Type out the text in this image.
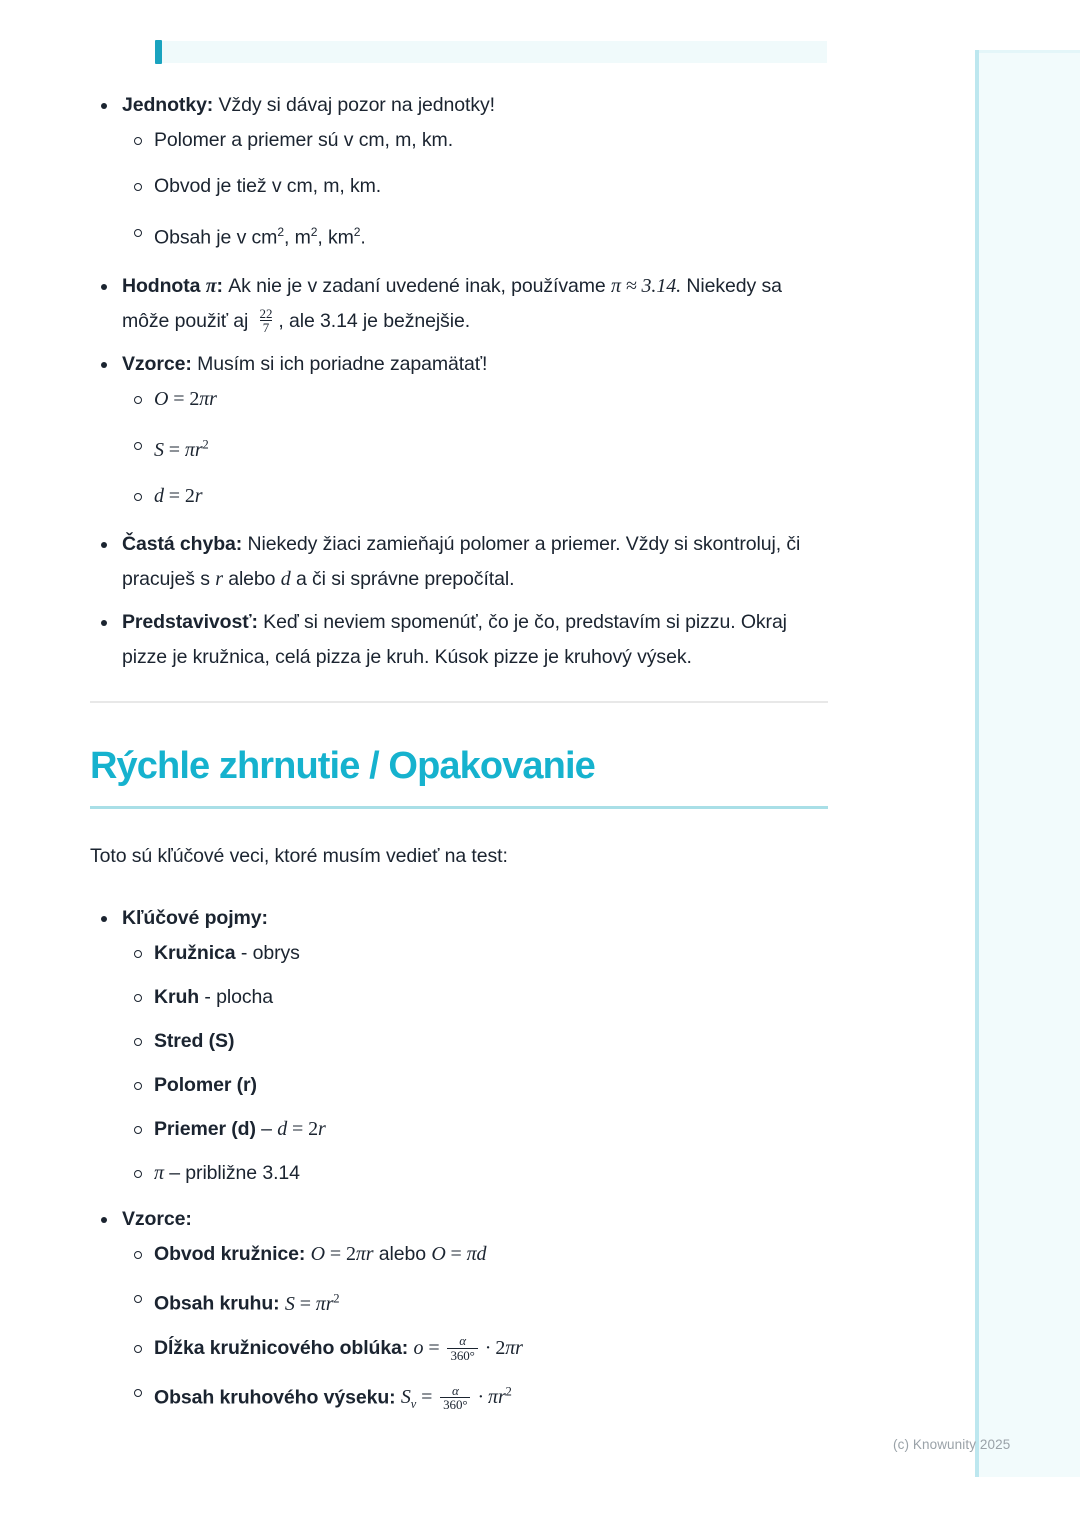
Jednotky: Vždy si dávaj pozor na jednotky!
Polomer a priemer sú v cm, m, km.
Obvod je tiež v cm, m, km.
Obsah je v $cm^2$, $m^2$, $km^2$.
Hodnota π: Ak nie je v zadaní uvedené inak, používame π ≈ 3.14. Niekedy sa môže použiť aj $\frac{22}{7}$ , ale 3.14 je bežnejšie.
Vzorce: Musím si ich poriadne zapamätať!
O = 2πr
$S = \pi r^2$
d = 2r
Častá chyba: Niekedy žiaci zamieňajú polomer a priemer. Vždy si skontroluj, či pracuješ s r alebo d a či si správne prepočítal.
Predstavivosť: Keď si neviem spomenúť, čo je čo, predstavím si pizzu. Okraj pizze je kružnica, celá pizza je kruh. Kúsok pizze je kruhový výsek.
Rýchle zhrnutie / Opakovanie

Toto sú kľúčové veci, ktoré musím vedieť na test:

Kľúčové pojmy:
Kružnica - obrys
Kruh - plocha
Stred (S)
Polomer (r)
Priemer (d) – d = 2r
π – približne 3.14
Vzorce:
Obvod kružnice: O = 2πr alebo O = πd
Obsah kruhu: $S = \pi r^2$
Dĺžka kružnicového oblúka: $o = \frac{\alpha}{360^\circ} \cdot 2\pi r$
Obsah kruhového výseku: $S_v = \frac{\alpha}{360^\circ} \cdot \pi r^2$
(c) Knowunity 2025
